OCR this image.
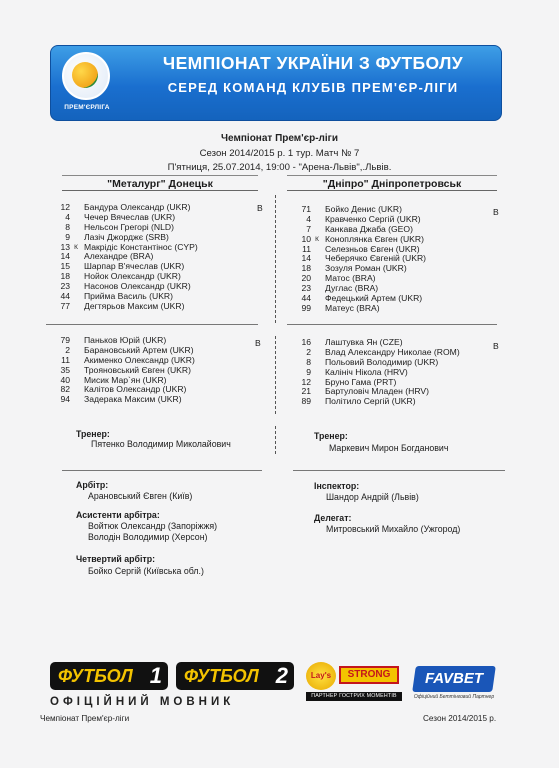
ПРЕМ'ЄРЛІГА
ЧЕМПІОНАТ УКРАЇНИ З ФУТБОЛУ
СЕРЕД КОМАНД КЛУБІВ ПРЕМ'ЄР-ЛІГИ
Чемпіонат Прем'єр-ліги
Сезон 2014/2015 р. 1 тур. Матч № 7
П'ятниця, 25.07.2014, 19:00 - "Арена-Львів",.Львів.
"Металург" Донецьк	"Дніпро" Дніпропетровськ
12 Бандура Олександр (UKR)
4 Чечер Вячеслав (UKR)
8 Нельсон Грегорі (NLD)
9 Лазіч Джорджє (SRB)
13 К Макрідіс Константінос (CYP)
14 Алехандре (BRA)
15 Шарпар В'ячеслав (UKR)
18 Нойок Олександр (UKR)
23 Насонов Олександр (UKR)
44 Прийма Василь (UKR)
77 Дегтярьов Максим (UKR)
В	71 Бойко Денис (UKR)
4 Кравченко Сергій (UKR)
7 Канкава Джаба (GEO)
10 К Коноплянка Євген (UKR)
11 Селезньов Євген (UKR)
14 Чеберячко Євгеній (UKR)
18 Зозуля Роман (UKR)
20 Матос (BRA)
23 Дуглас (BRA)
44 Федецький Артем (UKR)
99 Матеус (BRA)
В
79 Паньков Юрій (UKR)
2 Барановський Артем (UKR)
11 Акименко Олександр (UKR)
35 Трояновський Євген (UKR)
40 Мисик Мар`ян (UKR)
82 Калітов Олександр (UKR)
94 Задерака Максим (UKR)
В	16 Лаштувка Ян (CZE)
2 Влад Александру Николае (ROM)
8 Польовий Володимир (UKR)
9 Калініч Нікола (HRV)
12 Бруно Гама (PRT)
21 Бартуловіч Младен (HRV)
89 Політило Сергій (UKR)
В
Тренер:
Пятенко Володимир Миколайович
Тренер:
Маркевич Мирон Богданович
Арбітр:
Арановський Євген (Київ)
Асистенти арбітра:
Войтюк Олександр (Запоріжжя)
Володін Володимир (Херсон)
Четвертий арбітр:
Бойко Сергій (Київська обл.)
Інспектор:
Шандор Андрій (Львів)
Делегат:
Митровський Михайло (Ужгород)
ФУТБОЛ 1	ФУТБОЛ 2
ОФІЦІЙНИЙ МОВНИК
Lay's	STRONG
ПАРТНЕР ГОСТРИХ МОМЕНТІВ
FAVBET
Офіційний Беттінговий Партнер
Чемпіонат Прем'єр-ліги	Сезон 2014/2015 р.
